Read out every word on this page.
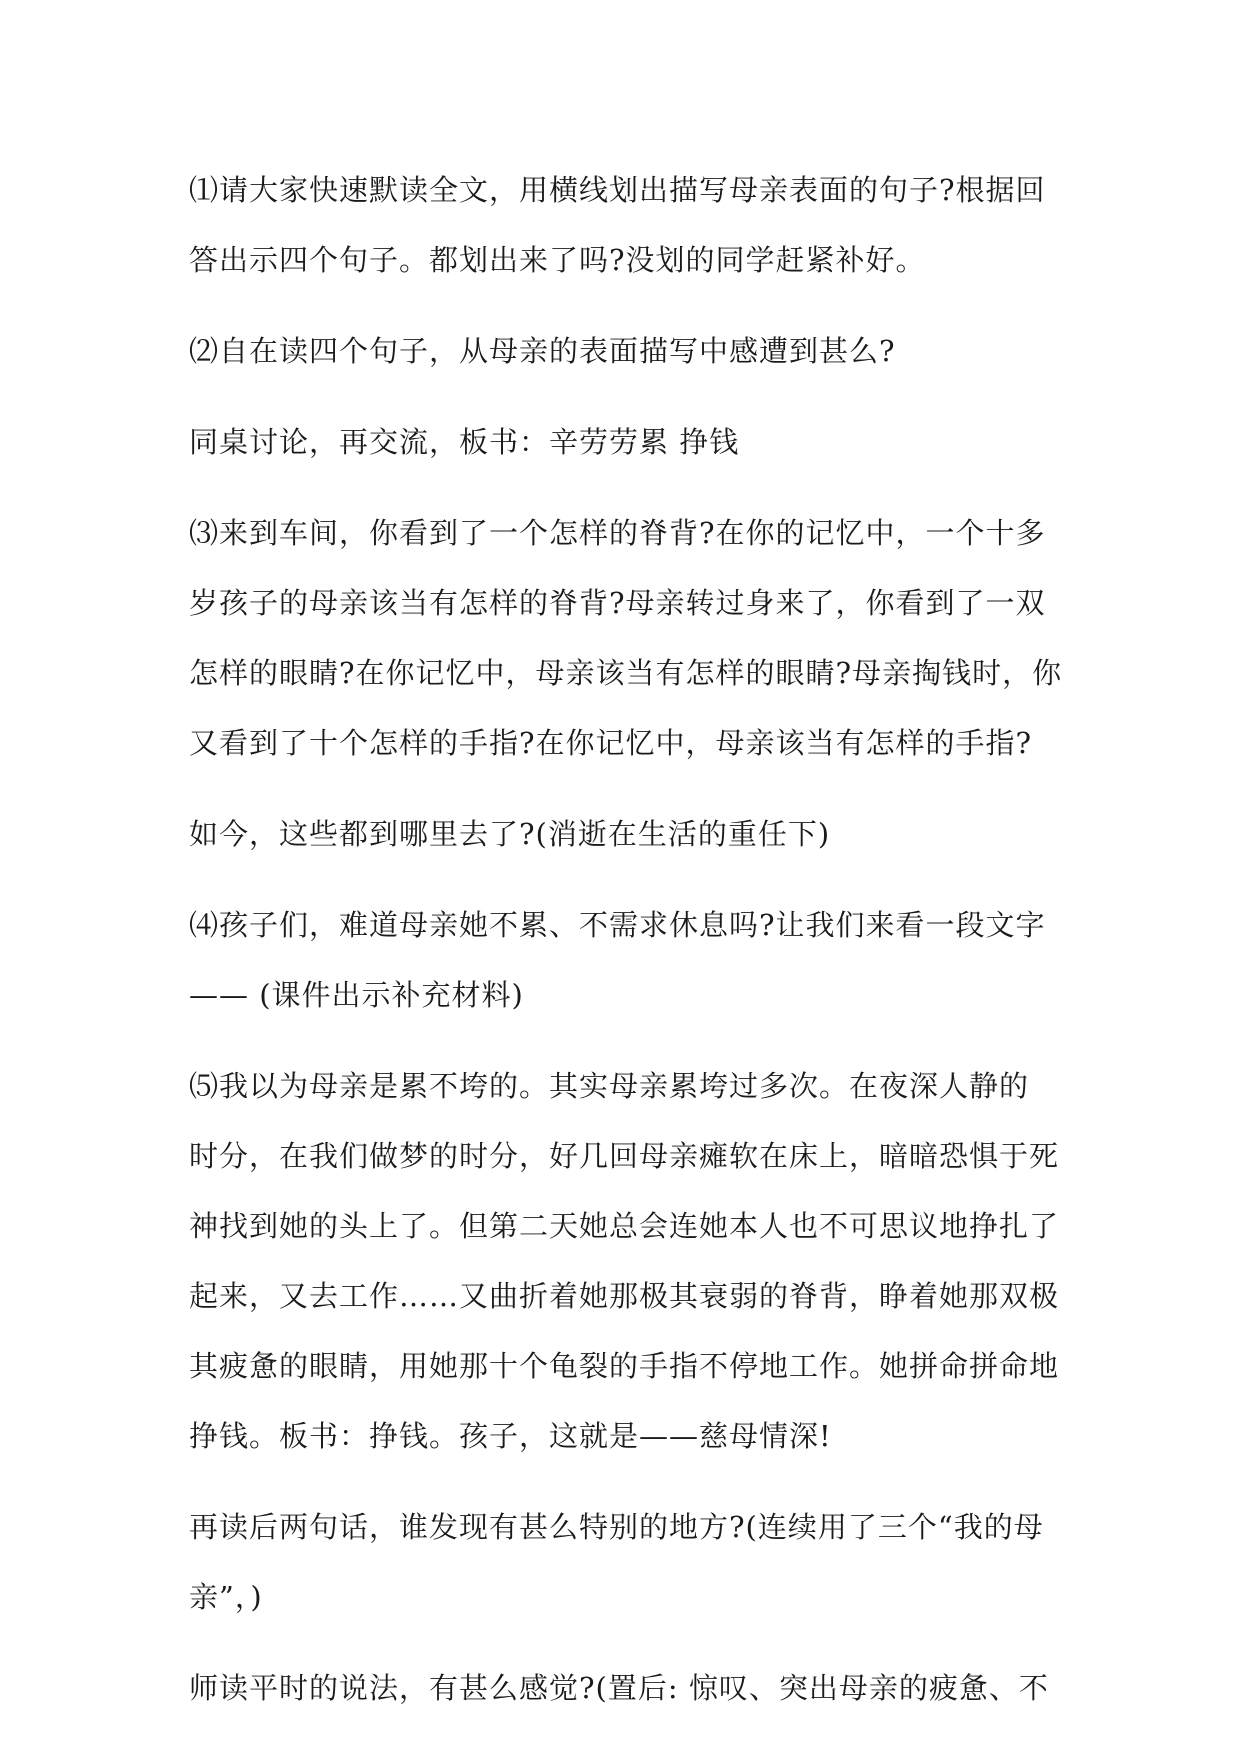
⑴请大家快速默读全文，用横线划出描写母亲表面的句子?根据回
答出示四个句子。都划出来了吗?没划的同学赶紧补好。

⑵自在读四个句子，从母亲的表面描写中感遭到甚么?

同桌讨论，再交流，板书：辛劳劳累 挣钱

⑶来到车间，你看到了一个怎样的脊背?在你的记忆中，一个十多
岁孩子的母亲该当有怎样的脊背?母亲转过身来了，你看到了一双
怎样的眼睛?在你记忆中，母亲该当有怎样的眼睛?母亲掏钱时，你
又看到了十个怎样的手指?在你记忆中，母亲该当有怎样的手指?

如今，这些都到哪里去了?(消逝在生活的重任下)

⑷孩子们，难道母亲她不累、不需求休息吗?让我们来看一段文字
—— (课件出示补充材料)

⑸我以为母亲是累不垮的。其实母亲累垮过多次。在夜深人静的
时分，在我们做梦的时分，好几回母亲瘫软在床上，暗暗恐惧于死
神找到她的头上了。但第二天她总会连她本人也不可思议地挣扎了
起来，又去工作……又曲折着她那极其衰弱的脊背，睁着她那双极
其疲惫的眼睛，用她那十个龟裂的手指不停地工作。她拼命拼命地
挣钱。板书：挣钱。孩子，这就是——慈母情深!

再读后两句话，谁发现有甚么特别的地方?(连续用了三个“我的母
亲”，)

师读平时的说法，有甚么感觉?(置后: 惊叹、突出母亲的疲惫、不
